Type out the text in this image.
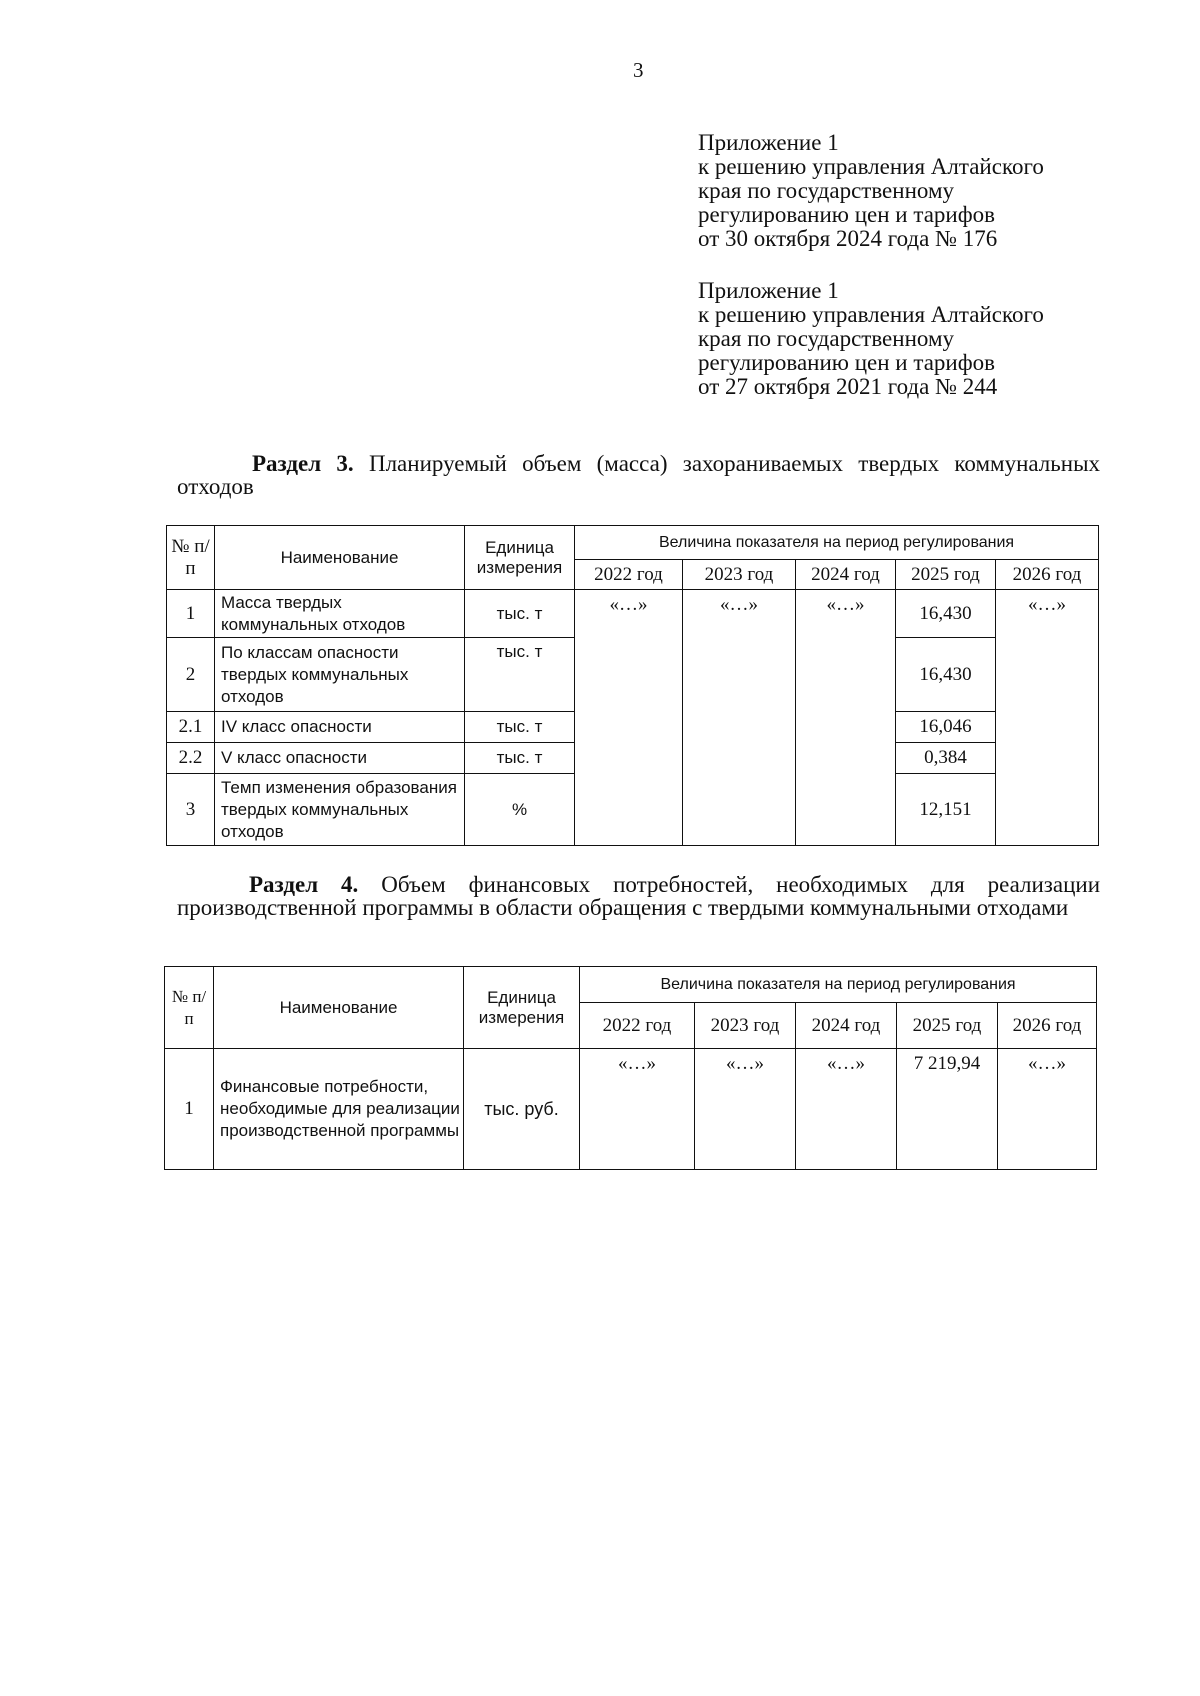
3
Приложение 1
к решению управления Алтайского
края по государственному
регулированию цен и тарифов
от 30 октября 2024 года № 176
Приложение 1
к решению управления Алтайского
края по государственному
регулированию цен и тарифов
от 27 октября 2021 года № 244
Раздел 3. Планируемый объем (масса) захораниваемых твердых коммунальных отходов
№ п/п	Наименование	Единица измерения	Величина показателя на период регулирования				
			2022 год	2023 год	2024 год	2025 год	2026 год
1	Масса твердых коммунальных отходов	тыс. т	«…»	«…»	«…»	16,430	«…»
2	По классам опасности твердых коммунальных отходов	тыс. т				16,430	
2.1	IV класс опасности	тыс. т				16,046	
2.2	V класс опасности	тыс. т				0,384	
3	Темп изменения образования твердых коммунальных отходов	%				12,151	
Раздел 4. Объем финансовых потребностей, необходимых для реализации производственной программы в области обращения с твердыми коммунальными отходами
№ п/ п	Наименование	Единица измерения	Величина показателя на период регулирования				
			2022 год	2023 год	2024 год	2025 год	2026 год
1	Финансовые потребности, необходимые для реализации производственной программы	тыс. руб.	«…»	«…»	«…»	7 219,94	«…»
